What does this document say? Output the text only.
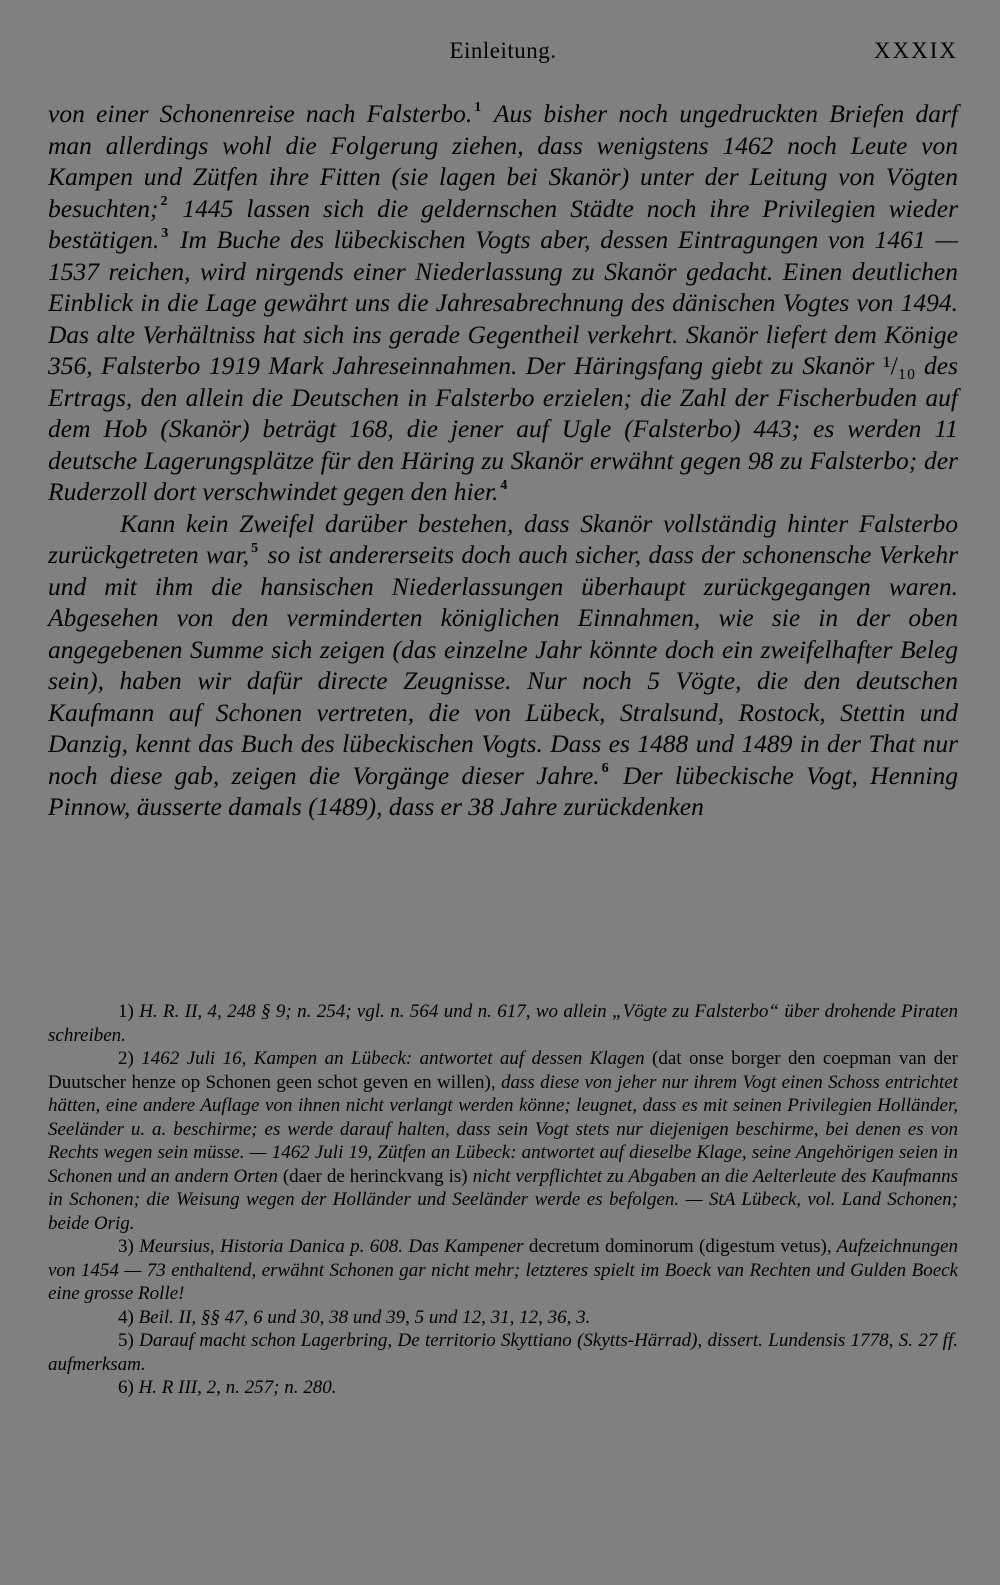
Einleitung.	XXXIX

von einer Schonenreise nach Falsterbo. $^1$ Aus bisher noch ungedruckten Briefen darf man allerdings wohl die Folgerung ziehen, dass wenigstens 1462 noch Leute von Kampen und Zütfen ihre Fitten (sie lagen bei Skanör) unter der Leitung von Vögten besuchten; $^2$ 1445 lassen sich die geldernschen Städte noch ihre Privilegien wieder bestätigen. $^3$ Im Buche des lübeckischen Vogts aber, dessen Eintragungen von 1461 — 1537 reichen, wird nirgends einer Niederlassung zu Skanör gedacht. Einen deutlichen Einblick in die Lage gewährt uns die Jahresabrechnung des dänischen Vogtes von 1494. Das alte Verhältniss hat sich ins gerade Gegentheil verkehrt. Skanör liefert dem Könige 356, Falsterbo 1919 Mark Jahreseinnahmen. Der Häringsfang giebt zu Skanör ¹/₁₀ des Ertrags, den allein die Deutschen in Falsterbo erzielen; die Zahl der Fischerbuden auf dem Hob (Skanör) beträgt 168, die jener auf Ugle (Falsterbo) 443; es werden 11 deutsche Lagerungsplätze für den Häring zu Skanör erwähnt gegen 98 zu Falsterbo; der Ruderzoll dort verschwindet gegen den hier. $^4$

Kann kein Zweifel darüber bestehen, dass Skanör vollständig hinter Falsterbo zurückgetreten war, $^5$ so ist andererseits doch auch sicher, dass der schonensche Verkehr und mit ihm die hansischen Niederlassungen überhaupt zurückgegangen waren. Abgesehen von den verminderten königlichen Einnahmen, wie sie in der oben angegebenen Summe sich zeigen (das einzelne Jahr könnte doch ein zweifelhafter Beleg sein), haben wir dafür directe Zeugnisse. Nur noch 5 Vögte, die den deutschen Kaufmann auf Schonen vertreten, die von Lübeck, Stralsund, Rostock, Stettin und Danzig, kennt das Buch des lübeckischen Vogts. Dass es 1488 und 1489 in der That nur noch diese gab, zeigen die Vorgänge dieser Jahre. $^6$ Der lübeckische Vogt, Henning Pinnow, äusserte damals (1489), dass er 38 Jahre zurückdenken

1) H. R. II, 4, 248 § 9; n. 254; vgl. n. 564 und n. 617, wo allein „Vögte zu Falsterbo“ über drohende Piraten schreiben.

2) 1462 Juli 16, Kampen an Lübeck: antwortet auf dessen Klagen (dat onse borger den coepman van der Duutscher henze op Schonen geen schot geven en willen), dass diese von jeher nur ihrem Vogt einen Schoss entrichtet hätten, eine andere Auflage von ihnen nicht verlangt werden könne; leugnet, dass es mit seinen Privilegien Holländer, Seeländer u. a. beschirme; es werde darauf halten, dass sein Vogt stets nur diejenigen beschirme, bei denen es von Rechts wegen sein müsse. — 1462 Juli 19, Zütfen an Lübeck: antwortet auf dieselbe Klage, seine Angehörigen seien in Schonen und an andern Orten (daer de herinckvang is) nicht verpflichtet zu Abgaben an die Aelterleute des Kaufmanns in Schonen; die Weisung wegen der Holländer und Seeländer werde es befolgen. — StA Lübeck, vol. Land Schonen; beide Orig.

3) Meursius, Historia Danica p. 608. Das Kampener decretum dominorum (digestum vetus), Aufzeichnungen von 1454 — 73 enthaltend, erwähnt Schonen gar nicht mehr; letzteres spielt im Boeck van Rechten und Gulden Boeck eine grosse Rolle!

4) Beil. II, §§ 47, 6 und 30, 38 und 39, 5 und 12, 31, 12, 36, 3.

5) Darauf macht schon Lagerbring, De territorio Skyttiano (Skytts-Härrad), dissert. Lundensis 1778, S. 27 ff. aufmerksam.

6) H. R III, 2, n. 257; n. 280.
